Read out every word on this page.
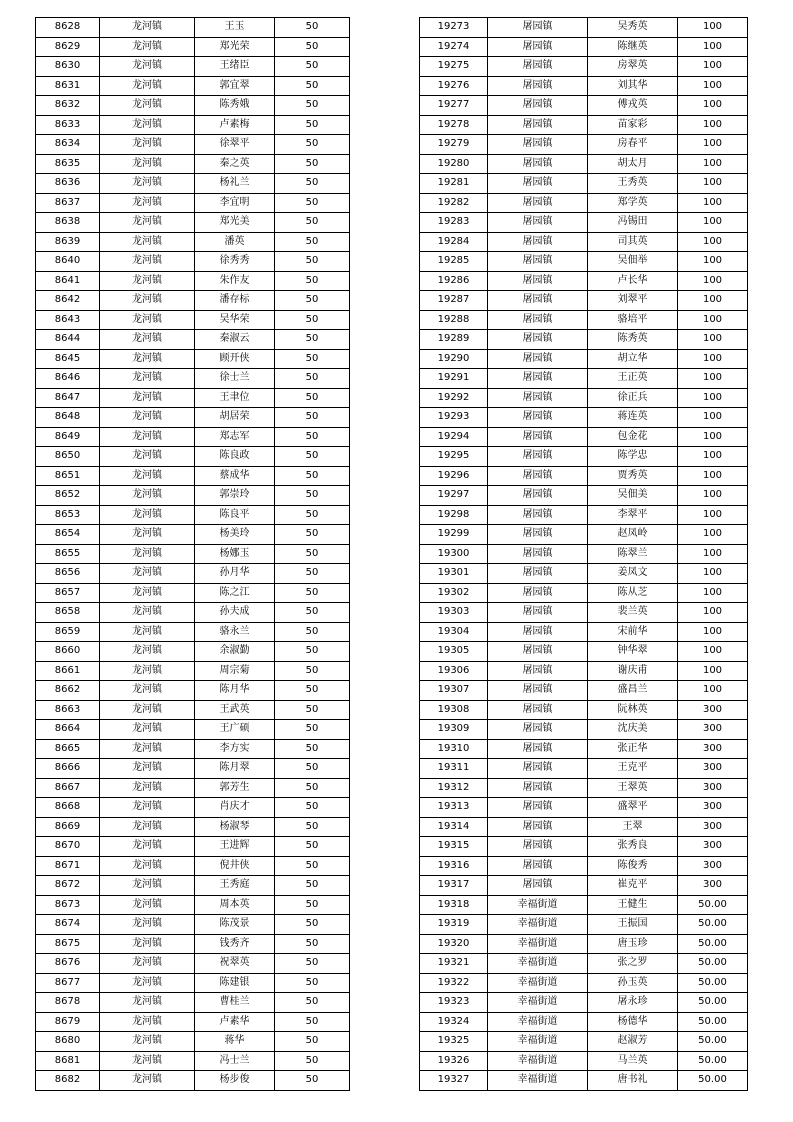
8628	龙河镇	王玉	50
8629	龙河镇	郑光荣	50
8630	龙河镇	王绪臣	50
8631	龙河镇	郭宜翠	50
8632	龙河镇	陈秀娥	50
8633	龙河镇	卢素梅	50
8634	龙河镇	徐翠平	50
8635	龙河镇	秦之英	50
8636	龙河镇	杨礼兰	50
8637	龙河镇	李宜明	50
8638	龙河镇	郑光美	50
8639	龙河镇	潘英	50
8640	龙河镇	徐秀秀	50
8641	龙河镇	朱作友	50
8642	龙河镇	潘存标	50
8643	龙河镇	吴华荣	50
8644	龙河镇	秦淑云	50
8645	龙河镇	顾开侠	50
8646	龙河镇	徐士兰	50
8647	龙河镇	王聿位	50
8648	龙河镇	胡居荣	50
8649	龙河镇	郑志军	50
8650	龙河镇	陈良政	50
8651	龙河镇	蔡成华	50
8652	龙河镇	郭崇玲	50
8653	龙河镇	陈良平	50
8654	龙河镇	杨美玲	50
8655	龙河镇	杨娜玉	50
8656	龙河镇	孙月华	50
8657	龙河镇	陈之江	50
8658	龙河镇	孙夫成	50
8659	龙河镇	骆永兰	50
8660	龙河镇	余淑勤	50
8661	龙河镇	周宗菊	50
8662	龙河镇	陈月华	50
8663	龙河镇	王武英	50
8664	龙河镇	王广硕	50
8665	龙河镇	李方实	50
8666	龙河镇	陈月翠	50
8667	龙河镇	郭芳生	50
8668	龙河镇	肖庆才	50
8669	龙河镇	杨淑琴	50
8670	龙河镇	王进辉	50
8671	龙河镇	倪井侠	50
8672	龙河镇	王秀庭	50
8673	龙河镇	周本英	50
8674	龙河镇	陈茂景	50
8675	龙河镇	钱秀齐	50
8676	龙河镇	祝翠英	50
8677	龙河镇	陈建银	50
8678	龙河镇	曹桂兰	50
8679	龙河镇	卢素华	50
8680	龙河镇	蒋华	50
8681	龙河镇	冯士兰	50
8682	龙河镇	杨步俊	50
19273	屠园镇	吴秀英	100
19274	屠园镇	陈继英	100
19275	屠园镇	房翠英	100
19276	屠园镇	刘其华	100
19277	屠园镇	傅戎英	100
19278	屠园镇	苗家彩	100
19279	屠园镇	房春平	100
19280	屠园镇	胡太月	100
19281	屠园镇	王秀英	100
19282	屠园镇	郑学英	100
19283	屠园镇	冯锡田	100
19284	屠园镇	司其英	100
19285	屠园镇	吴佃举	100
19286	屠园镇	卢长华	100
19287	屠园镇	刘翠平	100
19288	屠园镇	骆培平	100
19289	屠园镇	陈秀英	100
19290	屠园镇	胡立华	100
19291	屠园镇	王正英	100
19292	屠园镇	徐正兵	100
19293	屠园镇	蒋连英	100
19294	屠园镇	包金花	100
19295	屠园镇	陈学忠	100
19296	屠园镇	贾秀英	100
19297	屠园镇	吴佃美	100
19298	屠园镇	李翠平	100
19299	屠园镇	赵凤岭	100
19300	屠园镇	陈翠兰	100
19301	屠园镇	姜凤文	100
19302	屠园镇	陈从芝	100
19303	屠园镇	裴兰英	100
19304	屠园镇	宋前华	100
19305	屠园镇	钟华翠	100
19306	屠园镇	谢庆甫	100
19307	屠园镇	盛昌兰	100
19308	屠园镇	阮林英	300
19309	屠园镇	沈庆美	300
19310	屠园镇	张正华	300
19311	屠园镇	王克平	300
19312	屠园镇	王翠英	300
19313	屠园镇	盛翠平	300
19314	屠园镇	王翠	300
19315	屠园镇	张秀良	300
19316	屠园镇	陈俊秀	300
19317	屠园镇	崔克平	300
19318	幸福街道	王健生	50.00
19319	幸福街道	王振国	50.00
19320	幸福街道	唐玉珍	50.00
19321	幸福街道	张之罗	50.00
19322	幸福街道	孙玉英	50.00
19323	幸福街道	屠永珍	50.00
19324	幸福街道	杨德华	50.00
19325	幸福街道	赵淑芳	50.00
19326	幸福街道	马兰英	50.00
19327	幸福街道	唐书礼	50.00
